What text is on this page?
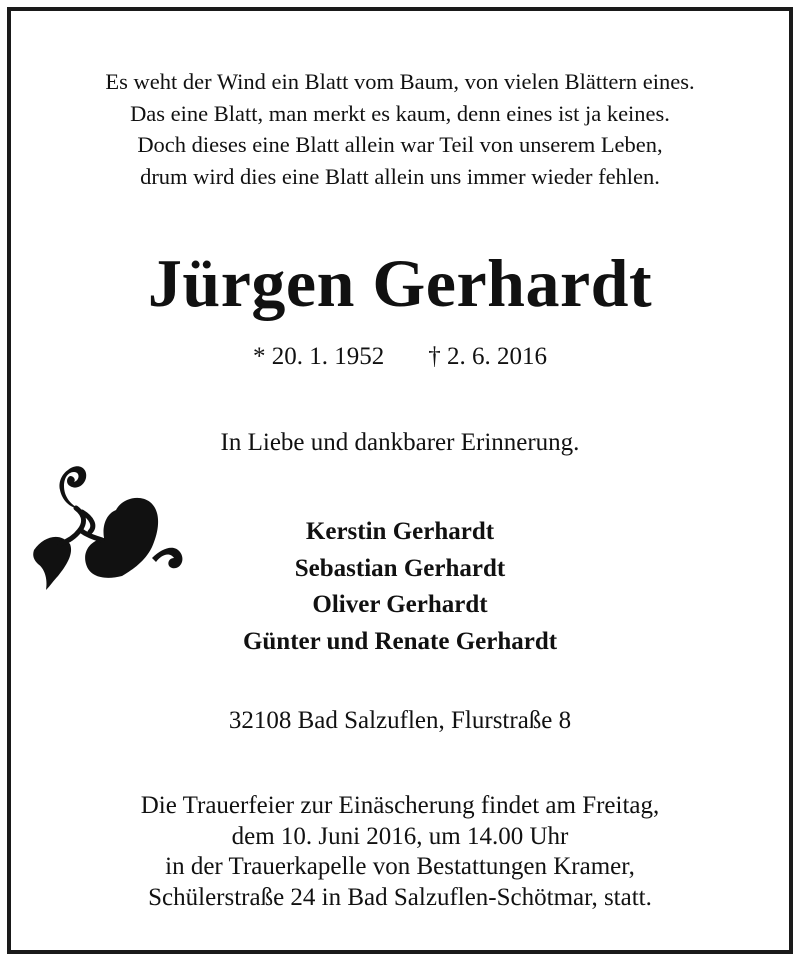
Es weht der Wind ein Blatt vom Baum, von vielen Blättern eines.
Das eine Blatt, man merkt es kaum, denn eines ist ja keines.
Doch dieses eine Blatt allein war Teil von unserem Leben,
drum wird dies eine Blatt allein uns immer wieder fehlen.
Jürgen Gerhardt
* 20. 1. 1952 † 2. 6. 2016
In Liebe und dankbarer Erinnerung.
Kerstin Gerhardt
Sebastian Gerhardt
Oliver Gerhardt
Günter und Renate Gerhardt
32108 Bad Salzuflen, Flurstraße 8
Die Trauerfeier zur Einäscherung findet am Freitag,
dem 10. Juni 2016, um 14.00 Uhr
in der Trauerkapelle von Bestattungen Kramer,
Schülerstraße 24 in Bad Salzuflen-Schötmar, statt.
